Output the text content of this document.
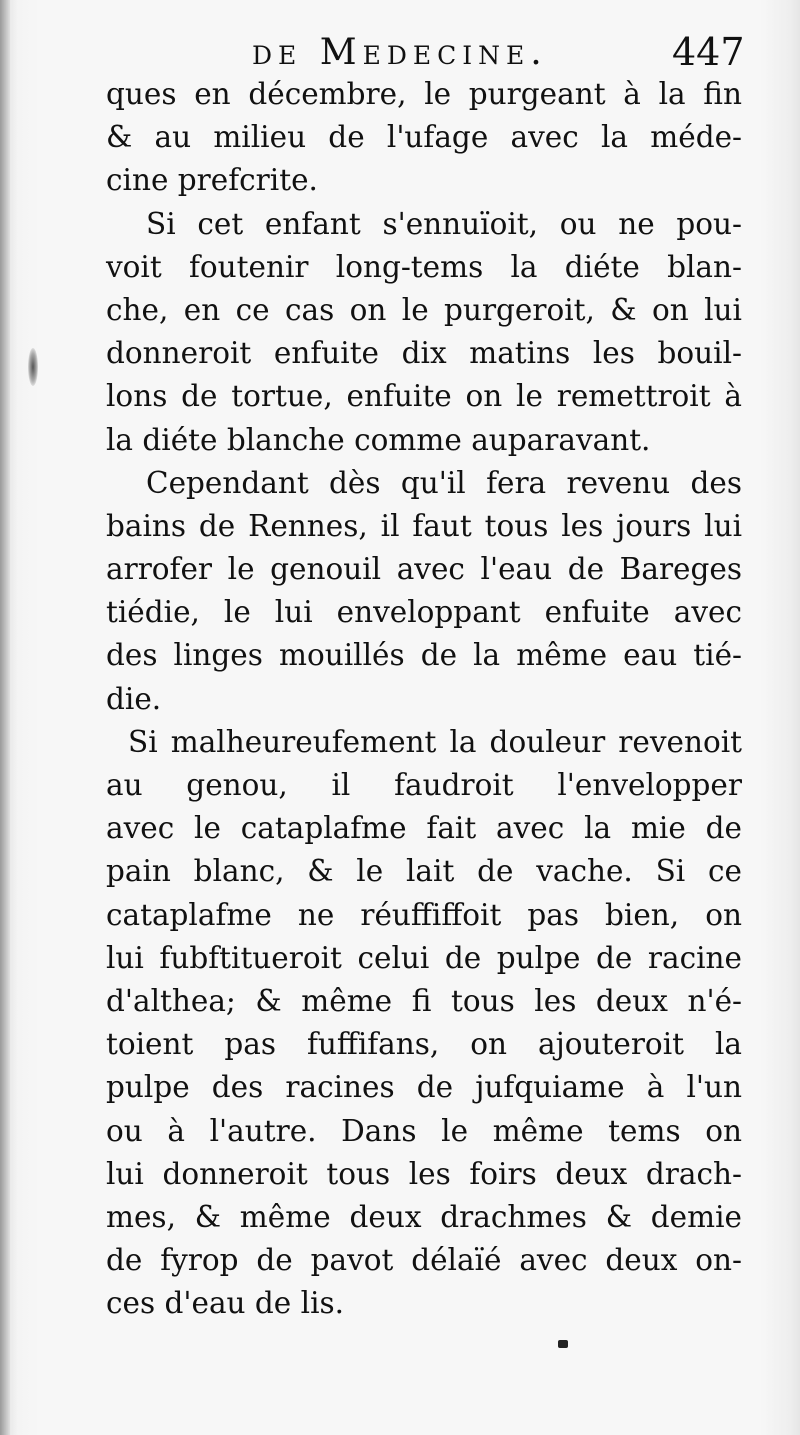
de Medecine.	447
ques en décembre, le purgeant à la fin
& au milieu de l'ufage avec la méde-
cine prefcrite.
Si cet enfant s'ennuïoit, ou ne pou-
voit foutenir long-tems la diéte blan-
che, en ce cas on le purgeroit, & on lui
donneroit enfuite dix matins les bouil-
lons de tortue, enfuite on le remettroit à
la diéte blanche comme auparavant.
Cependant dès qu'il fera revenu des
bains de Rennes, il faut tous les jours lui
arrofer le genouil avec l'eau de Bareges
tiédie, le lui enveloppant enfuite avec
des linges mouillés de la même eau tié-
die.
Si malheureufement la douleur revenoit
au genou, il faudroit l'envelopper
avec le cataplafme fait avec la mie de
pain blanc, & le lait de vache. Si ce
cataplafme ne réuffiffoit pas bien, on
lui fubftitueroit celui de pulpe de racine
d'althea; & même fi tous les deux n'é-
toient pas fuffifans, on ajouteroit la
pulpe des racines de jufquiame à l'un
ou à l'autre. Dans le même tems on
lui donneroit tous les foirs deux drach-
mes, & même deux drachmes & demie
de fyrop de pavot délaïé avec deux on-
ces d'eau de lis.
